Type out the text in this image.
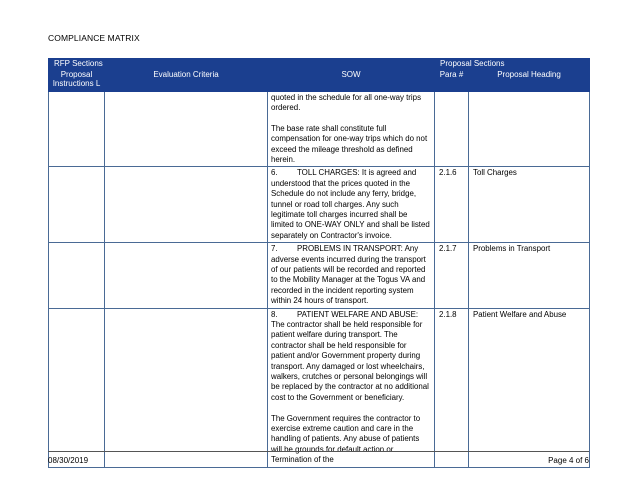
COMPLIANCE MATRIX
RFP Sections			Proposal Sections	
Proposal Instructions L	Evaluation Criteria	SOW	Para #	Proposal Heading

		quoted in the schedule for all one-way trips ordered.

The base rate shall constitute full compensation for one-way trips which do not exceed the mileage threshold as defined herein.		

		6. TOLL CHARGES: It is agreed and understood that the prices quoted in the Schedule do not include any ferry, bridge, tunnel or road toll charges. Any such legitimate toll charges incurred shall be limited to ONE-WAY ONLY and shall be listed separately on Contractor's invoice.	2.1.6	Toll Charges

		7. PROBLEMS IN TRANSPORT: Any adverse events incurred during the transport of our patients will be recorded and reported to the Mobility Manager at the Togus VA and recorded in the incident reporting system within 24 hours of transport.	2.1.7	Problems in Transport

		8. PATIENT WELFARE AND ABUSE: The contractor shall be held responsible for patient welfare during transport. The contractor shall be held responsible for patient and/or Government property during transport. Any damaged or lost wheelchairs, walkers, crutches or personal belongings will be replaced by the contractor at no additional cost to the Government or beneficiary.

The Government requires the contractor to exercise extreme caution and care in the handling of patients. Any abuse of patients will be grounds for default action or Termination of the	2.1.8	Patient Welfare and Abuse
08/30/2019	Page 4 of 6
